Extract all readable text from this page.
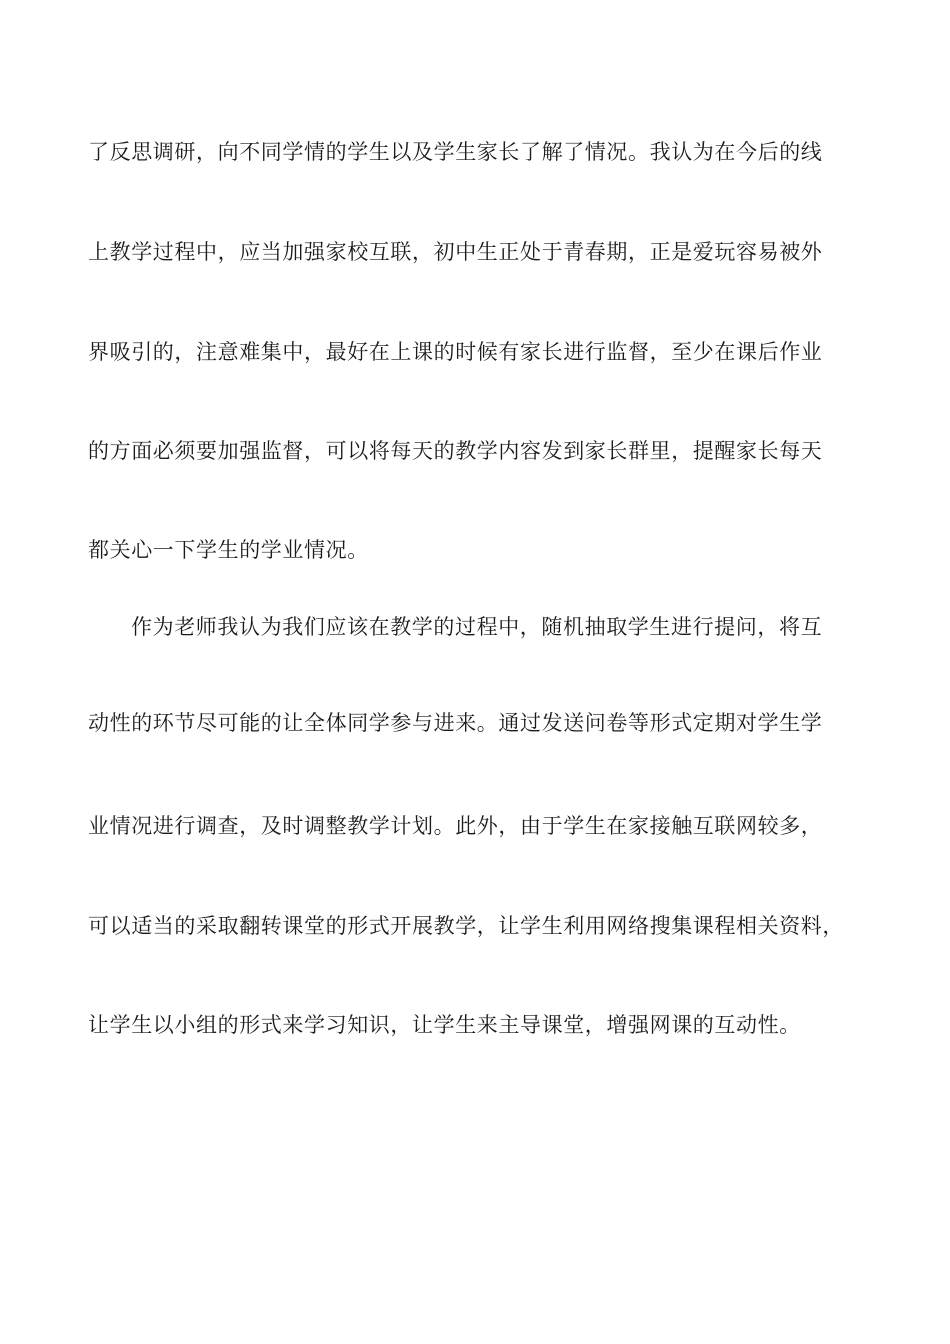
了反思调研，向不同学情的学生以及学生家长了解了情况。我认为在今后的线
上教学过程中，应当加强家校互联，初中生正处于青春期，正是爱玩容易被外
界吸引的，注意难集中，最好在上课的时候有家长进行监督，至少在课后作业
的方面必须要加强监督，可以将每天的教学内容发到家长群里，提醒家长每天
都关心一下学生的学业情况。
作为老师我认为我们应该在教学的过程中，随机抽取学生进行提问，将互
动性的环节尽可能的让全体同学参与进来。通过发送问卷等形式定期对学生学
业情况进行调查，及时调整教学计划。此外，由于学生在家接触互联网较多，
可以适当的采取翻转课堂的形式开展教学，让学生利用网络搜集课程相关资料，
让学生以小组的形式来学习知识，让学生来主导课堂，增强网课的互动性。
